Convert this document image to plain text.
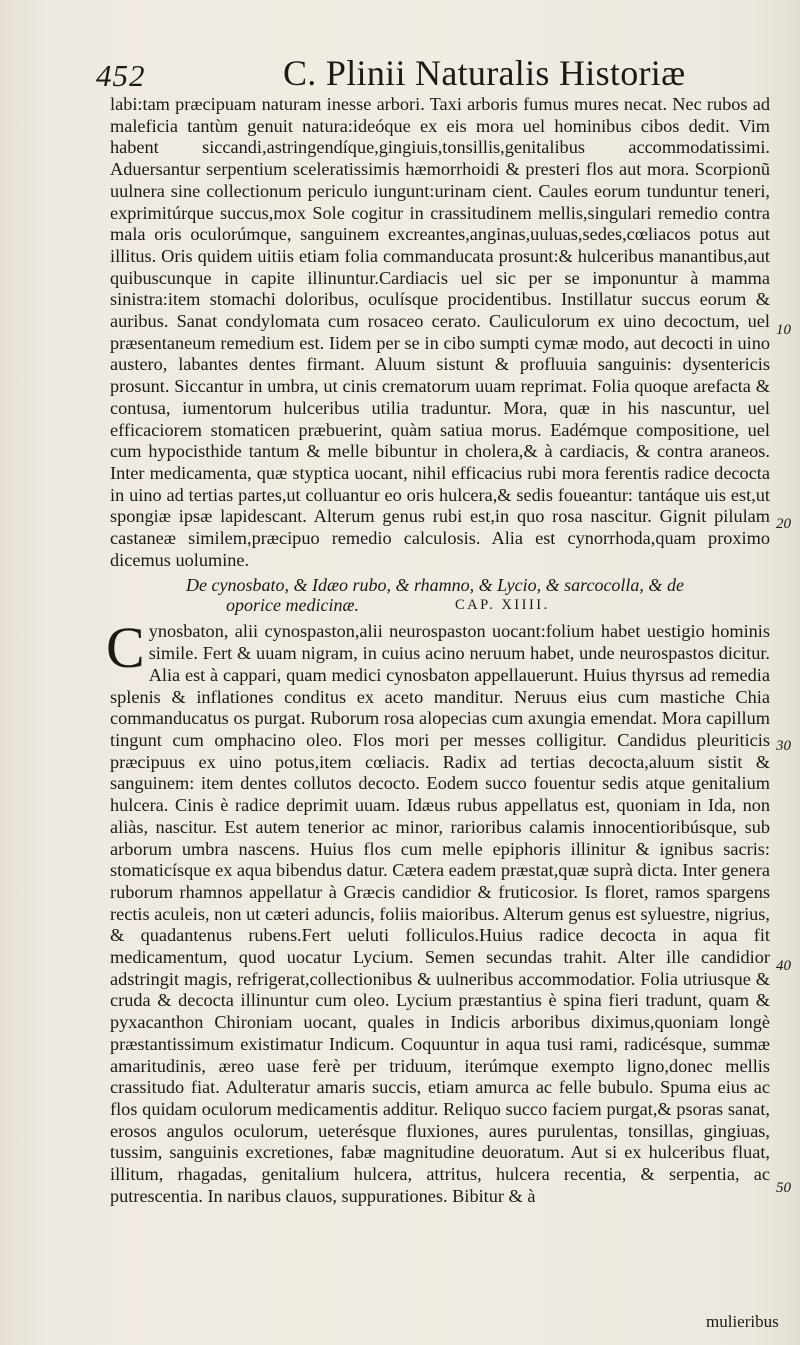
452	C. Plinii Naturalis Historiæ

labi:tam præcipuam naturam inesse arbori. Taxi arboris fumus mures necat. Nec rubos ad maleficia tantùm genuit natura:ideóque ex eis mora uel hominibus cibos dedit. Vim habent siccandi,astringendíque,gingiuis,tonsillis,genitalibus accommodatissimi. Aduersantur serpentium sceleratissimis hæmorrhoidi & presteri flos aut mora. Scorpionũ uulnera sine collectionum periculo iungunt:urinam cient. Caules eorum tunduntur teneri, exprimitúrque succus,mox Sole cogitur in crassitudinem mellis,singulari remedio contra mala oris oculorúmque, sanguinem excreantes,anginas,uuluas,sedes,cœliacos potus aut illitus. Oris quidem uitiis etiam folia commanducata prosunt:& hulceribus manantibus,aut quibuscunque in capite illinuntur.Cardiacis uel sic per se imponuntur à mamma sinistra:item stomachi doloribus, oculísque procidentibus. Instillatur succus eorum & auribus. Sanat condylomata cum rosaceo cerato. Cauliculorum ex uino decoctum, uel præsentaneum remedium est. Iidem per se in cibo sumpti cymæ modo, aut decocti in uino austero, labantes dentes firmant. Aluum sistunt & profluuia sanguinis: dysentericis prosunt. Siccantur in umbra, ut cinis crematorum uuam reprimat. Folia quoque arefacta & contusa, iumentorum hulceribus utilia traduntur. Mora, quæ in his nascuntur, uel efficaciorem stomaticen præbuerint, quàm satiua morus. Eadémque compositione, uel cum hypocisthide tantum & melle bibuntur in cholera,& à cardiacis, & contra araneos. Inter medicamenta, quæ styptica uocant, nihil efficacius rubi mora ferentis radice decocta in uino ad tertias partes,ut colluantur eo oris hulcera,& sedis foueantur: tantáque uis est,ut spongiæ ipsæ lapidescant. Alterum genus rubi est,in quo rosa nascitur. Gignit pilulam castaneæ similem,præcipuo remedio calculosis. Alia est cynorrhoda,quam proximo dicemus uolumine.

De cynosbato, & Idæo rubo, & rhamno, & Lycio, & sarcocolla, & de
oporice medicinæ.	CAP. XIIII.

C ynosbaton, alii cynospaston,alii neurospaston uocant:folium habet uestigio hominis simile. Fert & uuam nigram, in cuius acino neruum habet, unde neurospastos dicitur. Alia est à cappari, quam medici cynosbaton appellauerunt. Huius thyrsus ad remedia splenis & inflationes conditus ex aceto manditur. Neruus eius cum mastiche Chia commanducatus os purgat. Ruborum rosa alopecias cum axungia emendat. Mora capillum tingunt cum omphacino oleo. Flos mori per messes colligitur. Candidus pleuriticis præcipuus ex uino potus,item cœliacis. Radix ad tertias decocta,aluum sistit & sanguinem: item dentes collutos decocto. Eodem succo fouentur sedis atque genitalium hulcera. Cinis è radice deprimit uuam. Idæus rubus appellatus est, quoniam in Ida, non aliàs, nascitur. Est autem tenerior ac minor, rarioribus calamis innocentioribúsque, sub arborum umbra nascens. Huius flos cum melle epiphoris illinitur & ignibus sacris: stomaticísque ex aqua bibendus datur. Cætera eadem præstat,quæ suprà dicta. Inter genera ruborum rhamnos appellatur à Græcis candidior & fruticosior. Is floret, ramos spargens rectis aculeis, non ut cæteri aduncis, foliis maioribus. Alterum genus est syluestre, nigrius, & quadantenus rubens.Fert ueluti folliculos.Huius radice decocta in aqua fit medicamentum, quod uocatur Lycium. Semen secundas trahit. Alter ille candidior adstringit magis, refrigerat,collectionibus & uulneribus accommodatior. Folia utriusque & cruda & decocta illinuntur cum oleo. Lycium præstantius è spina fieri tradunt, quam & pyxacanthon Chironiam uocant, quales in Indicis arboribus diximus,quoniam longè præstantissimum existimatur Indicum. Coquuntur in aqua tusi rami, radicésque, summæ amaritudinis, æreo uase ferè per triduum, iterúmque exempto ligno,donec mellis crassitudo fiat. Adulteratur amaris succis, etiam amurca ac felle bubulo. Spuma eius ac flos quidam oculorum medicamentis additur. Reliquo succo faciem purgat,& psoras sanat, erosos angulos oculorum, ueterésque fluxiones, aures purulentas, tonsillas, gingiuas, tussim, sanguinis excretiones, fabæ magnitudine deuoratum. Aut si ex hulceribus fluat, illitum, rhagadas, genitalium hulcera, attritus, hulcera recentia, & serpentia, ac putrescentia. In naribus clauos, suppurationes. Bibitur & à

10
20
30
40
50
mulieribus
